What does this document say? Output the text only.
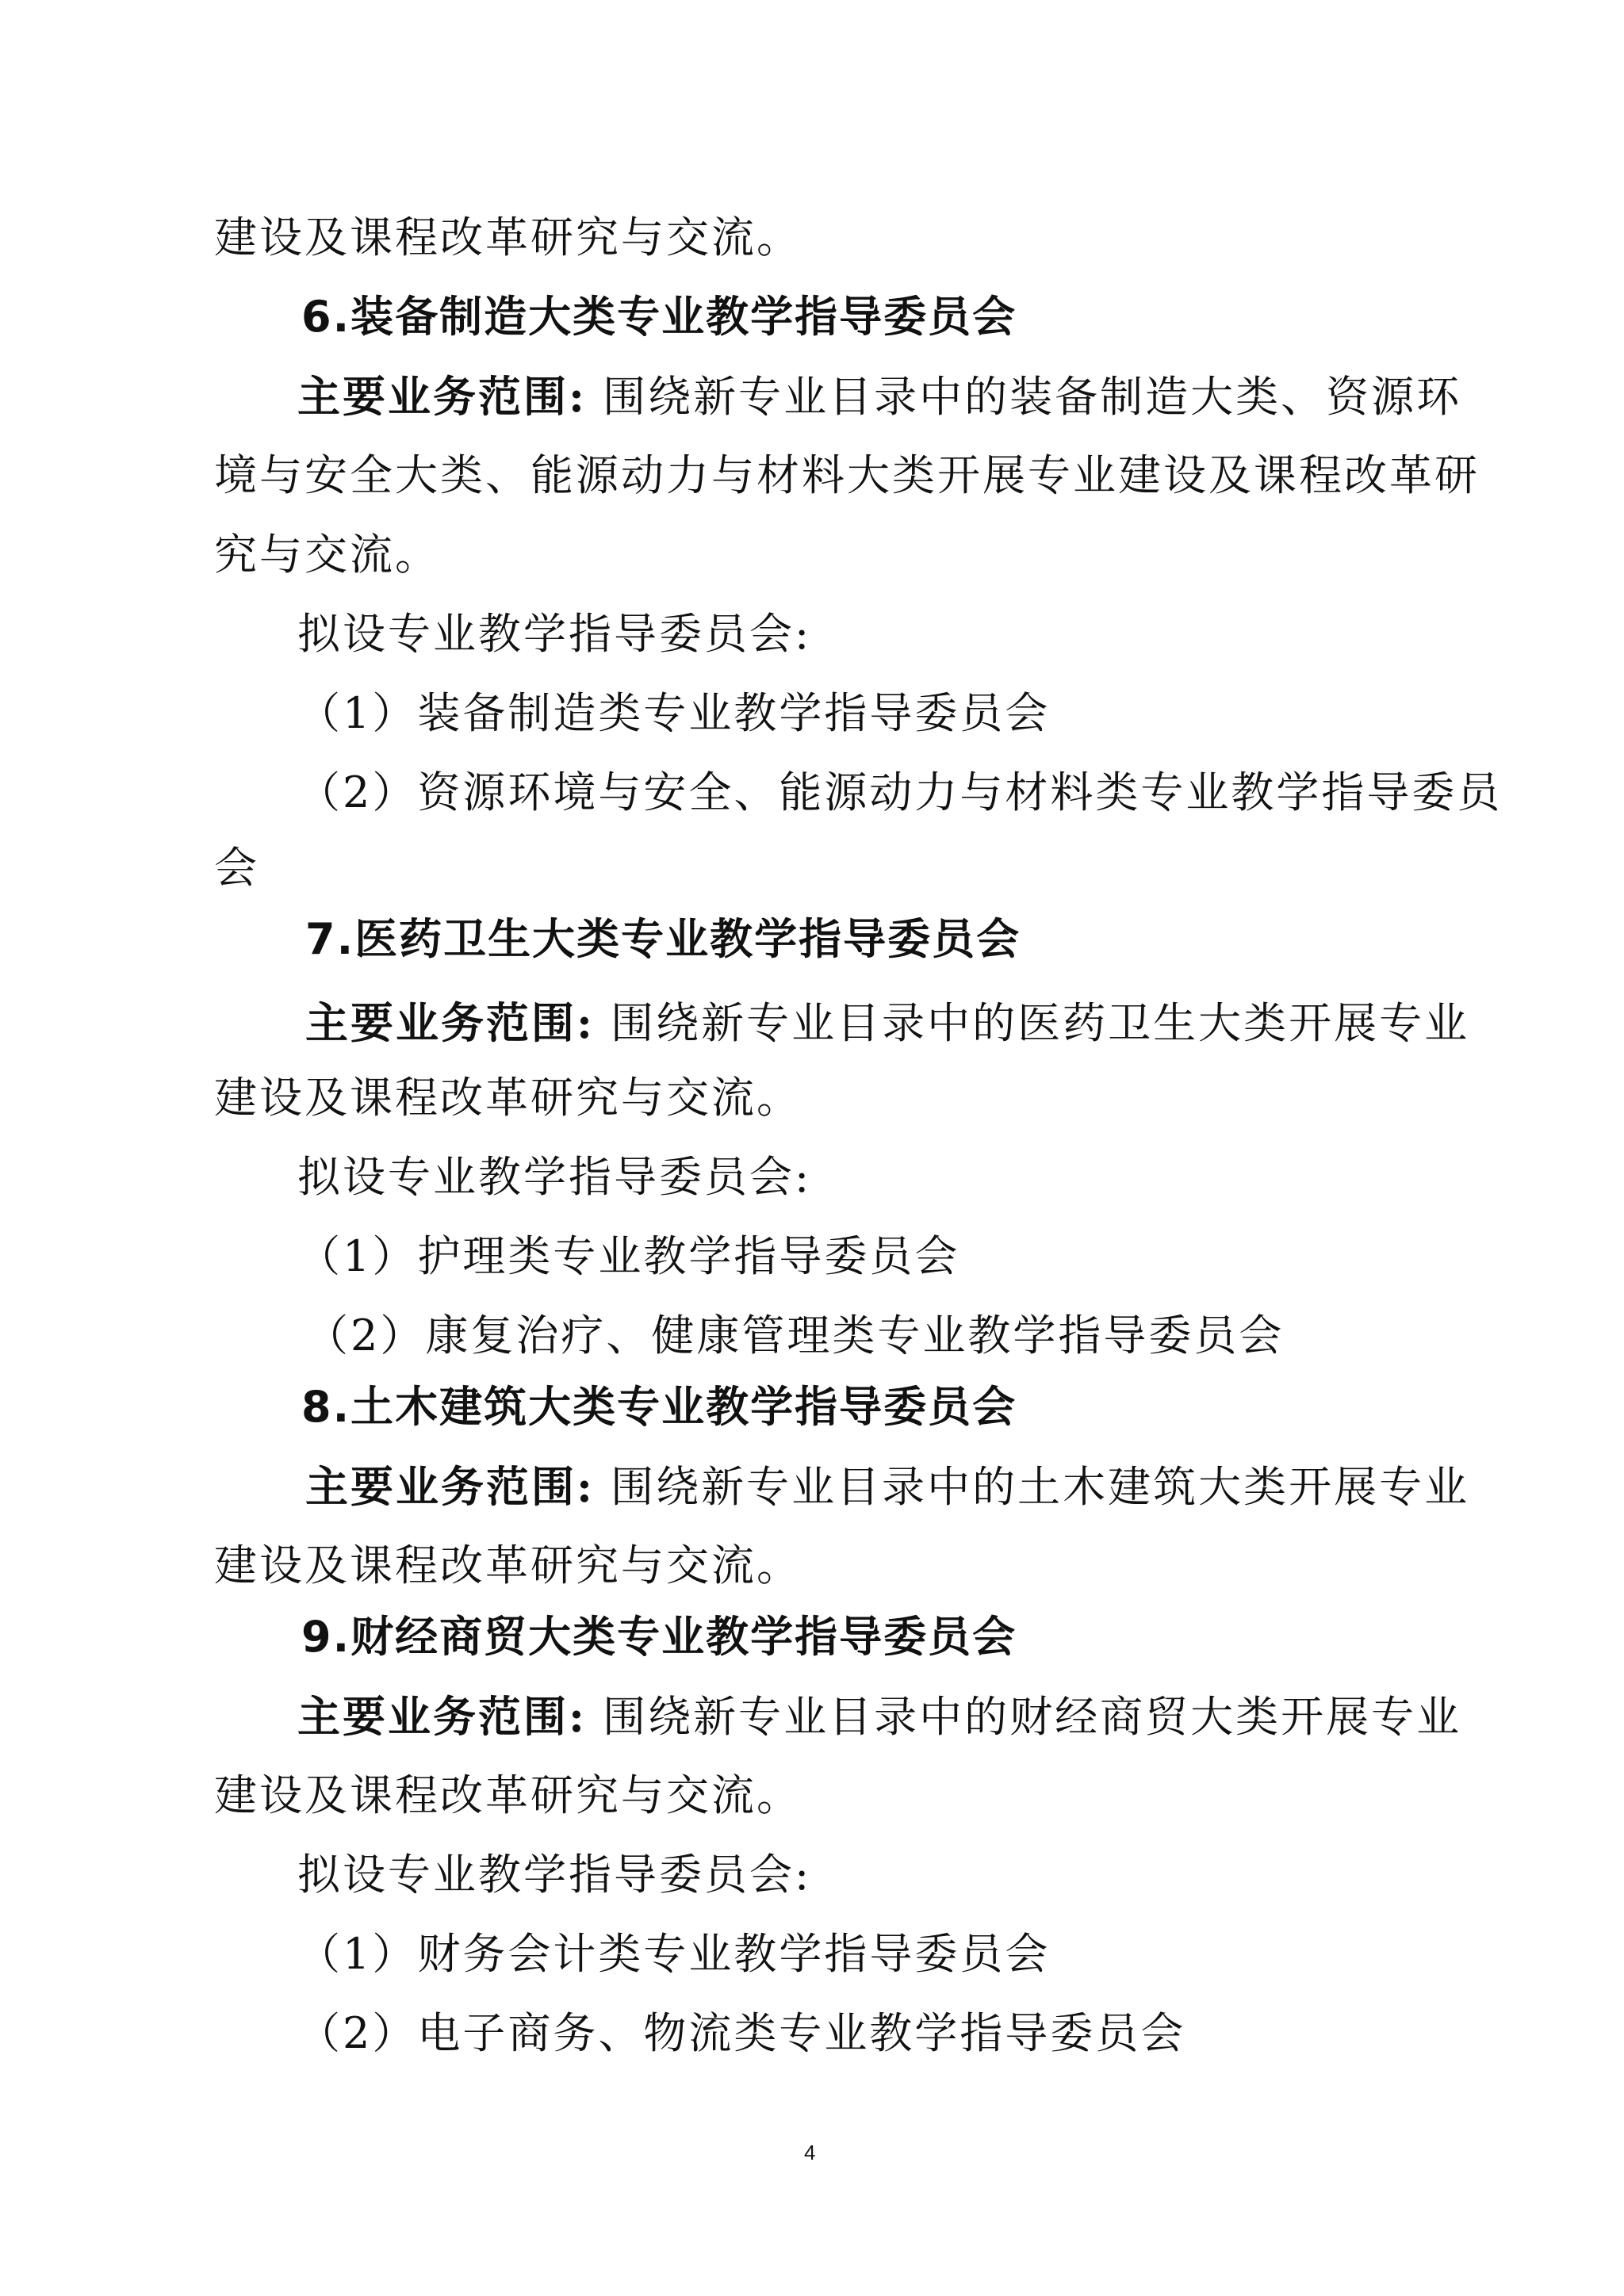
建设及课程改革研究与交流。
6.装备制造大类专业教学指导委员会
主要业务范围: 围绕新专业目录中的装备制造大类、资源环
境与安全大类、能源动力与材料大类开展专业建设及课程改革研
究与交流。
拟设专业教学指导委员会:
（1）装备制造类专业教学指导委员会
（2）资源环境与安全、能源动力与材料类专业教学指导委员
会
7.医药卫生大类专业教学指导委员会
主要业务范围: 围绕新专业目录中的医药卫生大类开展专业
建设及课程改革研究与交流。
拟设专业教学指导委员会:
（1）护理类专业教学指导委员会
（2）康复治疗、健康管理类专业教学指导委员会
8.土木建筑大类专业教学指导委员会
主要业务范围: 围绕新专业目录中的土木建筑大类开展专业
建设及课程改革研究与交流。
9.财经商贸大类专业教学指导委员会
主要业务范围: 围绕新专业目录中的财经商贸大类开展专业
建设及课程改革研究与交流。
拟设专业教学指导委员会:
（1）财务会计类专业教学指导委员会
（2）电子商务、物流类专业教学指导委员会
4
